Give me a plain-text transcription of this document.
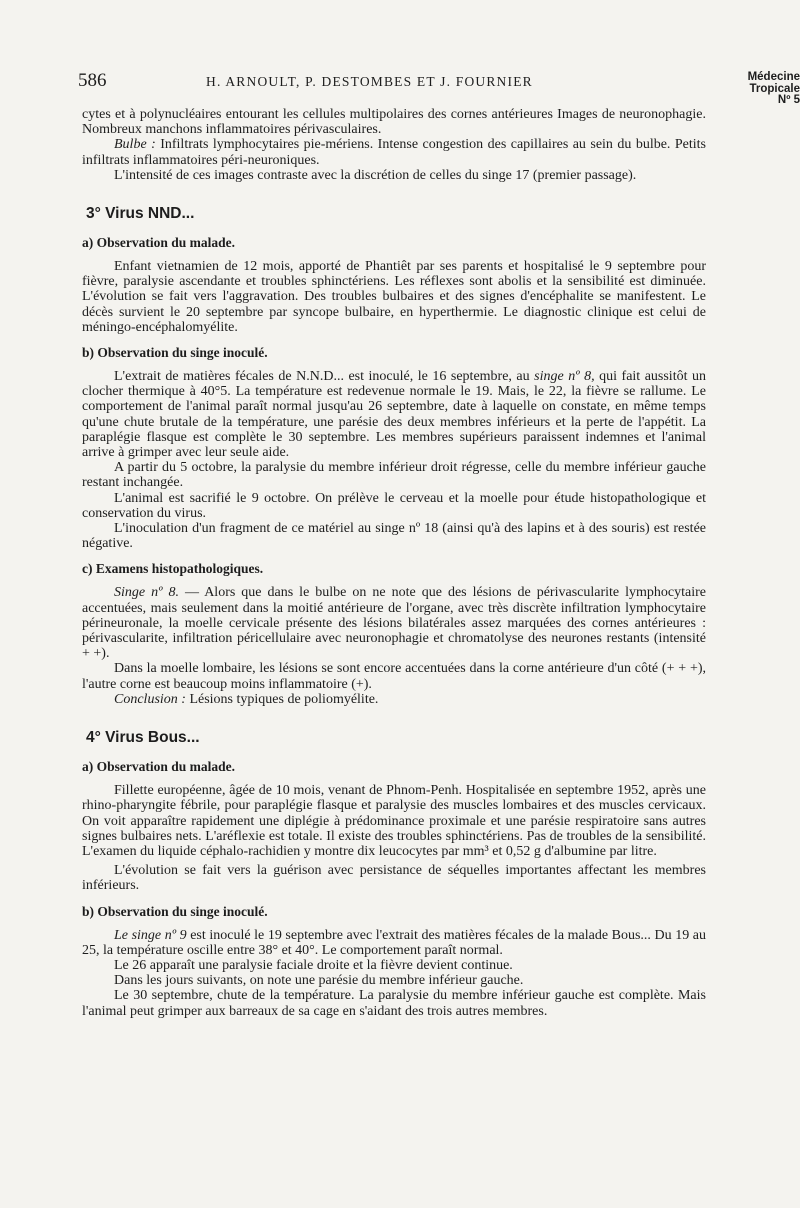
586	H. ARNOULT, P. DESTOMBES ET J. FOURNIER	Médecine
Tropicale
Nº 5

cytes et à polynucléaires entourant les cellules multipolaires des cornes antérieures Images de neuronophagie. Nombreux manchons inflammatoires périvasculaires.

Bulbe : Infiltrats lymphocytaires pie-mériens. Intense congestion des capillaires au sein du bulbe. Petits infiltrats inflammatoires péri-neuroniques.

L'intensité de ces images contraste avec la discrétion de celles du singe 17 (premier passage).

3° Virus NND...
a) Observation du malade.

Enfant vietnamien de 12 mois, apporté de Phantiêt par ses parents et hospitalisé le 9 septembre pour fièvre, paralysie ascendante et troubles sphinctériens. Les réflexes sont abolis et la sensibilité est diminuée. L'évolution se fait vers l'aggravation. Des troubles bulbaires et des signes d'encéphalite se manifestent. Le décès survient le 20 septembre par syncope bulbaire, en hyperthermie. Le diagnostic clinique est celui de méningo-encéphalomyélite.

b) Observation du singe inoculé.

L'extrait de matières fécales de N.N.D... est inoculé, le 16 septembre, au singe nº 8, qui fait aussitôt un clocher thermique à 40°5. La température est redevenue normale le 19. Mais, le 22, la fièvre se rallume. Le comportement de l'animal paraît normal jusqu'au 26 septembre, date à laquelle on constate, en même temps qu'une chute brutale de la température, une parésie des deux membres inférieurs et la perte de l'appétit. La paraplégie flasque est complète le 30 septembre. Les membres supérieurs paraissent indemnes et l'animal arrive à grimper avec leur seule aide.

A partir du 5 octobre, la paralysie du membre inférieur droit régresse, celle du membre inférieur gauche restant inchangée.

L'animal est sacrifié le 9 octobre. On prélève le cerveau et la moelle pour étude histopathologique et conservation du virus.

L'inoculation d'un fragment de ce matériel au singe nº 18 (ainsi qu'à des lapins et à des souris) est restée négative.

c) Examens histopathologiques.

Singe nº 8. — Alors que dans le bulbe on ne note que des lésions de périvascularite lymphocytaire accentuées, mais seulement dans la moitié antérieure de l'organe, avec très discrète infiltration lymphocytaire périneuronale, la moelle cervicale présente des lésions bilatérales assez marquées des cornes antérieures : périvascularite, infiltration péricellulaire avec neuronophagie et chromatolyse des neurones restants (intensité + +).

Dans la moelle lombaire, les lésions se sont encore accentuées dans la corne antérieure d'un côté (+ + +), l'autre corne est beaucoup moins inflammatoire (+).

Conclusion : Lésions typiques de poliomyélite.

4° Virus Bous...
a) Observation du malade.

Fillette européenne, âgée de 10 mois, venant de Phnom-Penh. Hospitalisée en septembre 1952, après une rhino-pharyngite fébrile, pour paraplégie flasque et paralysie des muscles lombaires et des muscles cervicaux. On voit apparaître rapidement une diplégie à prédominance proximale et une parésie respiratoire sans autres signes bulbaires nets. L'aréflexie est totale. Il existe des troubles sphinctériens. Pas de troubles de la sensibilité. L'examen du liquide céphalo-rachidien y montre dix leucocytes par mm³ et 0,52 g d'albumine par litre.

L'évolution se fait vers la guérison avec persistance de séquelles importantes affectant les membres inférieurs.

b) Observation du singe inoculé.

Le singe nº 9 est inoculé le 19 septembre avec l'extrait des matières fécales de la malade Bous... Du 19 au 25, la température oscille entre 38° et 40°. Le comportement paraît normal.

Le 26 apparaît une paralysie faciale droite et la fièvre devient continue.

Dans les jours suivants, on note une parésie du membre inférieur gauche.

Le 30 septembre, chute de la température. La paralysie du membre inférieur gauche est complète. Mais l'animal peut grimper aux barreaux de sa cage en s'aidant des trois autres membres.
